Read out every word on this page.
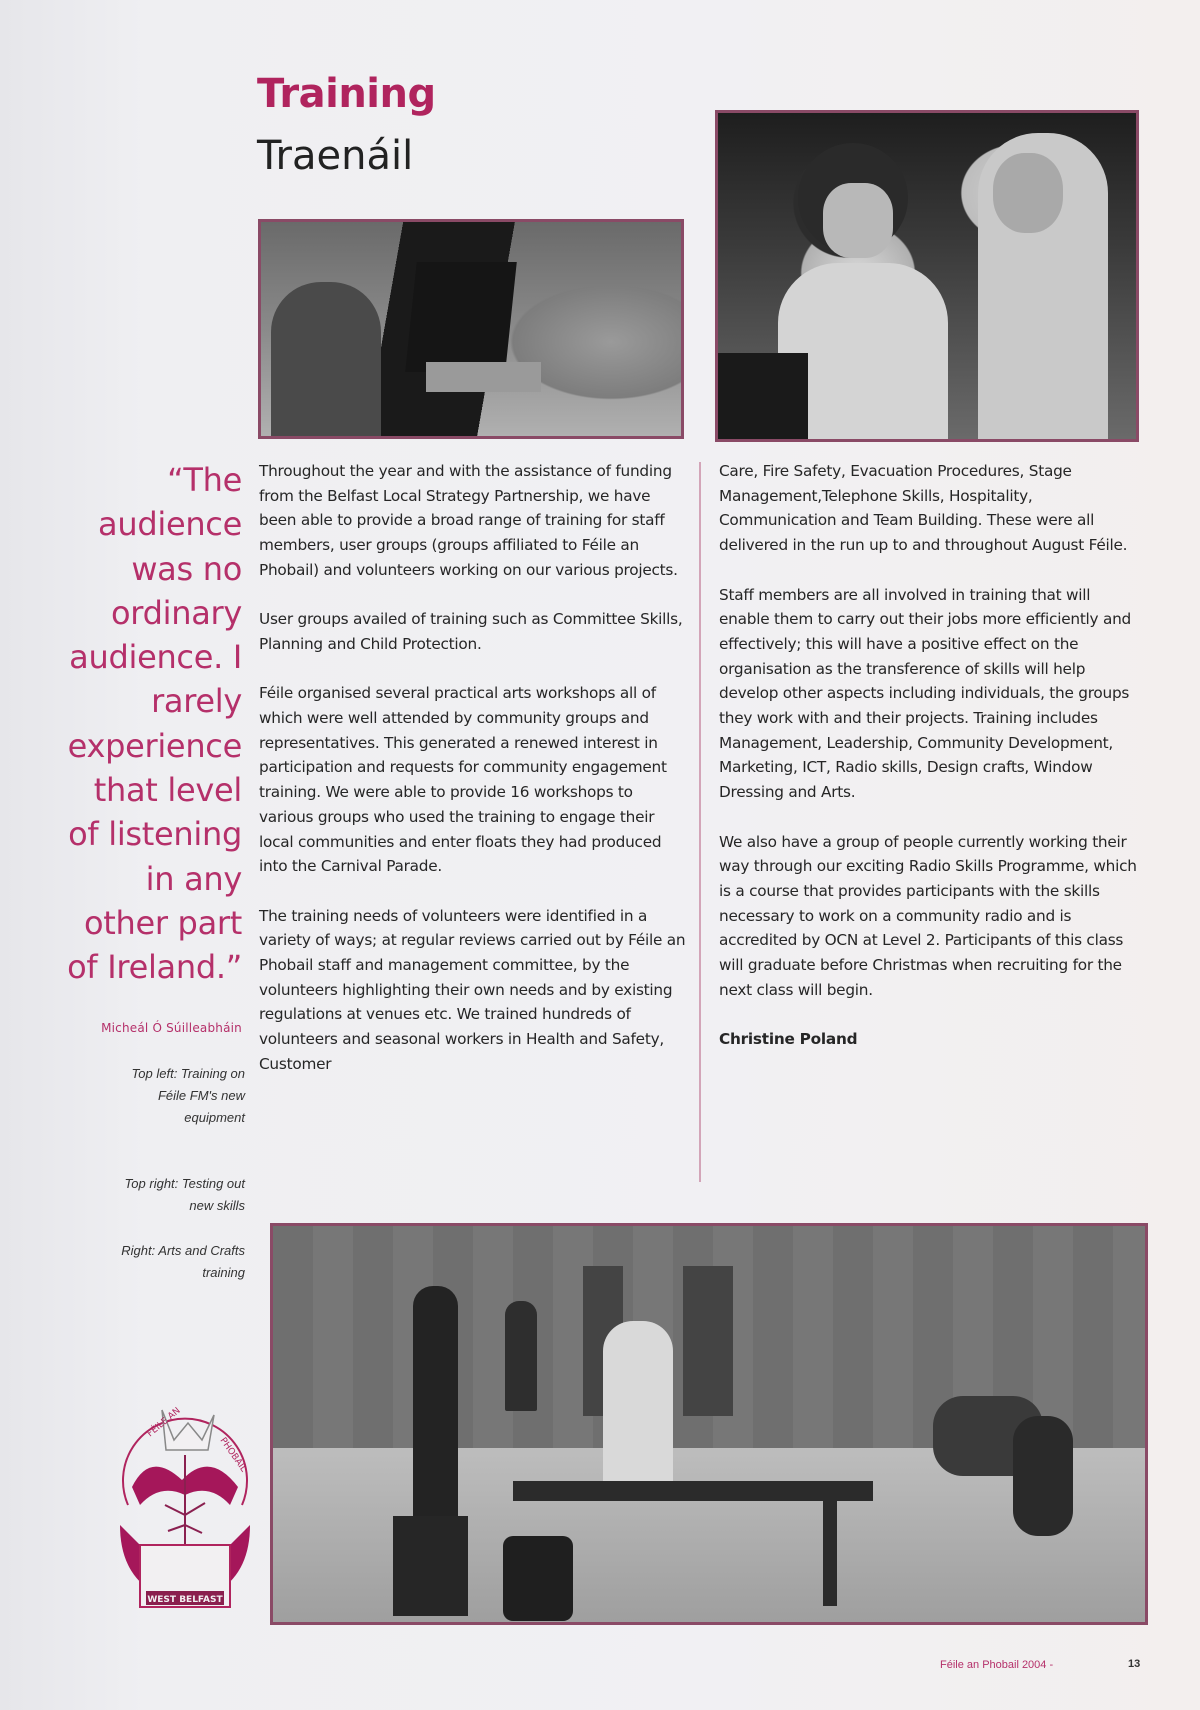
Training
Traenáil
“The
audience
was no
ordinary
audience. I
rarely
experience
that level
of listening
in any
other part
of Ireland.”
Micheál Ó Súilleabháin
Top left: Training on
Féile FM's new
equipment
Top right: Testing out
new skills
Right: Arts and Crafts
training

Throughout the year and with the assistance of funding from the Belfast Local Strategy Partnership, we have been able to provide a broad range of training for staff members, user groups (groups affiliated to Féile an Phobail) and volunteers working on our various projects.

User groups availed of training such as Committee Skills, Planning and Child Protection.

Féile organised several practical arts workshops all of which were well attended by community groups and representatives. This generated a renewed interest in participation and requests for community engagement training. We were able to provide 16 workshops to various groups who used the training to engage their local communities and enter floats they had produced into the Carnival Parade.

The training needs of volunteers were identified in a variety of ways; at regular reviews carried out by Féile an Phobail staff and management committee, by the volunteers highlighting their own needs and by existing regulations at venues etc. We trained hundreds of volunteers and seasonal workers in Health and Safety, Customer

Care, Fire Safety, Evacuation Procedures, Stage Management,Telephone Skills, Hospitality, Communication and Team Building. These were all delivered in the run up to and throughout August Féile.

Staff members are all involved in training that will enable them to carry out their jobs more efficiently and effectively; this will have a positive effect on the organisation as the transference of skills will help develop other aspects including individuals, the groups they work with and their projects. Training includes Management, Leadership, Community Development, Marketing, ICT, Radio skills, Design crafts, Window Dressing and Arts.

We also have a group of people currently working their way through our exciting Radio Skills Programme, which is a course that provides participants with the skills necessary to work on a community radio and is accredited by OCN at Level 2. Participants of this class will graduate before Christmas when recruiting for the next class will begin.

Christine Poland

FÉILE AN
PHOBAIL
WEST BELFAST
Féile an Phobail 2004 -	13
